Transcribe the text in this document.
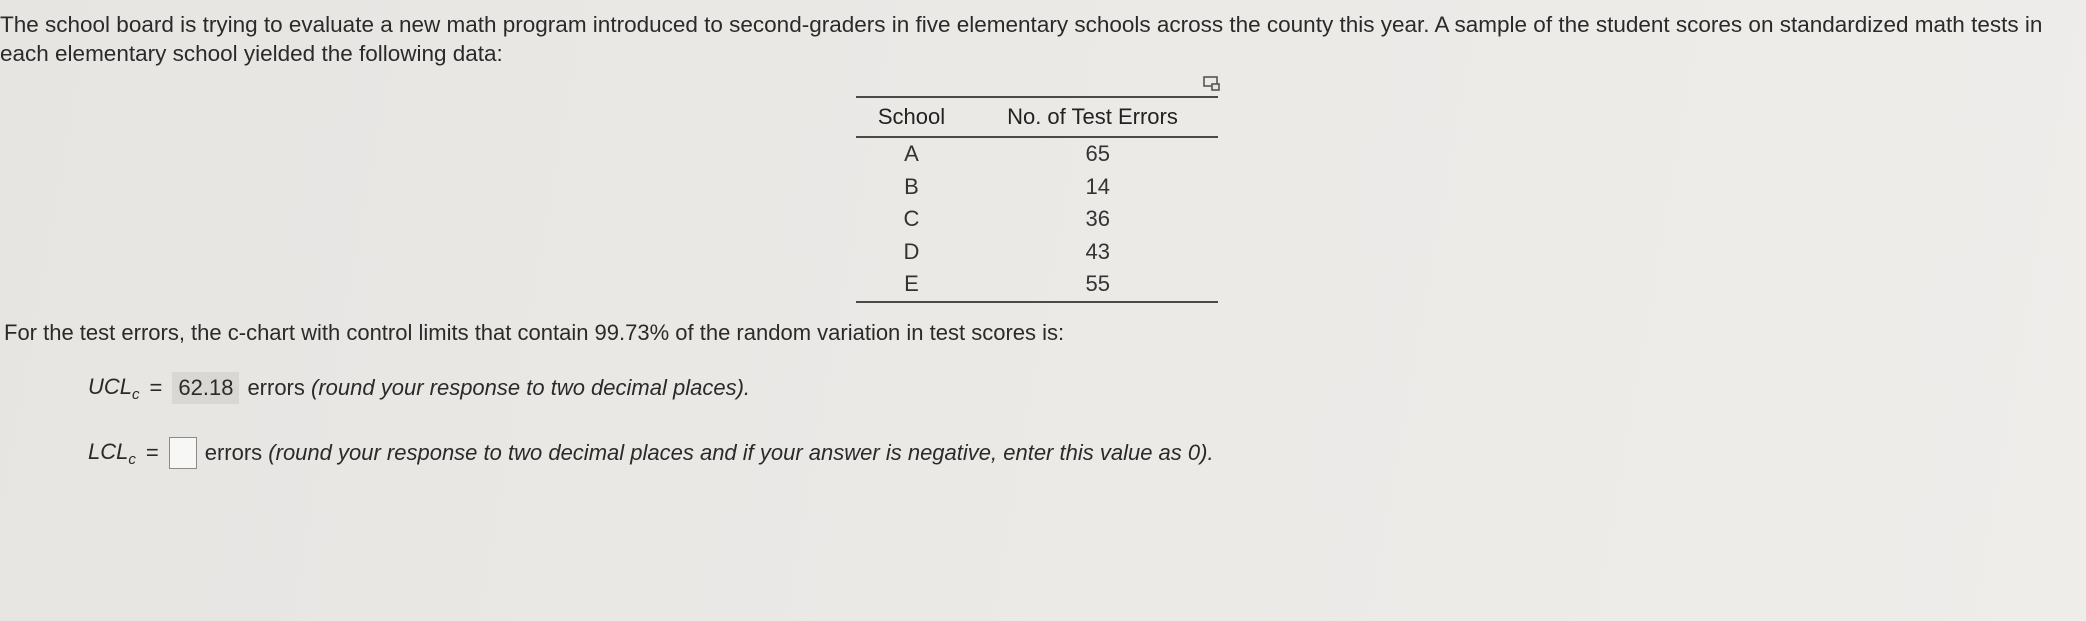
The school board is trying to evaluate a new math program introduced to second-graders in five elementary schools across the county this year. A sample of the student scores on standardized math tests in each elementary school yielded the following data:

School	No. of Test Errors
A	65
B	14
C	36
D	43
E	55

For the test errors, the c-chart with control limits that contain 99.73% of the random variation in test scores is:

$UCL_c = 62.18$ errors
(round your response to two decimal places).
$LCL_c$ = errors
(round your response to two decimal places and if your answer is negative, enter this value as 0).
